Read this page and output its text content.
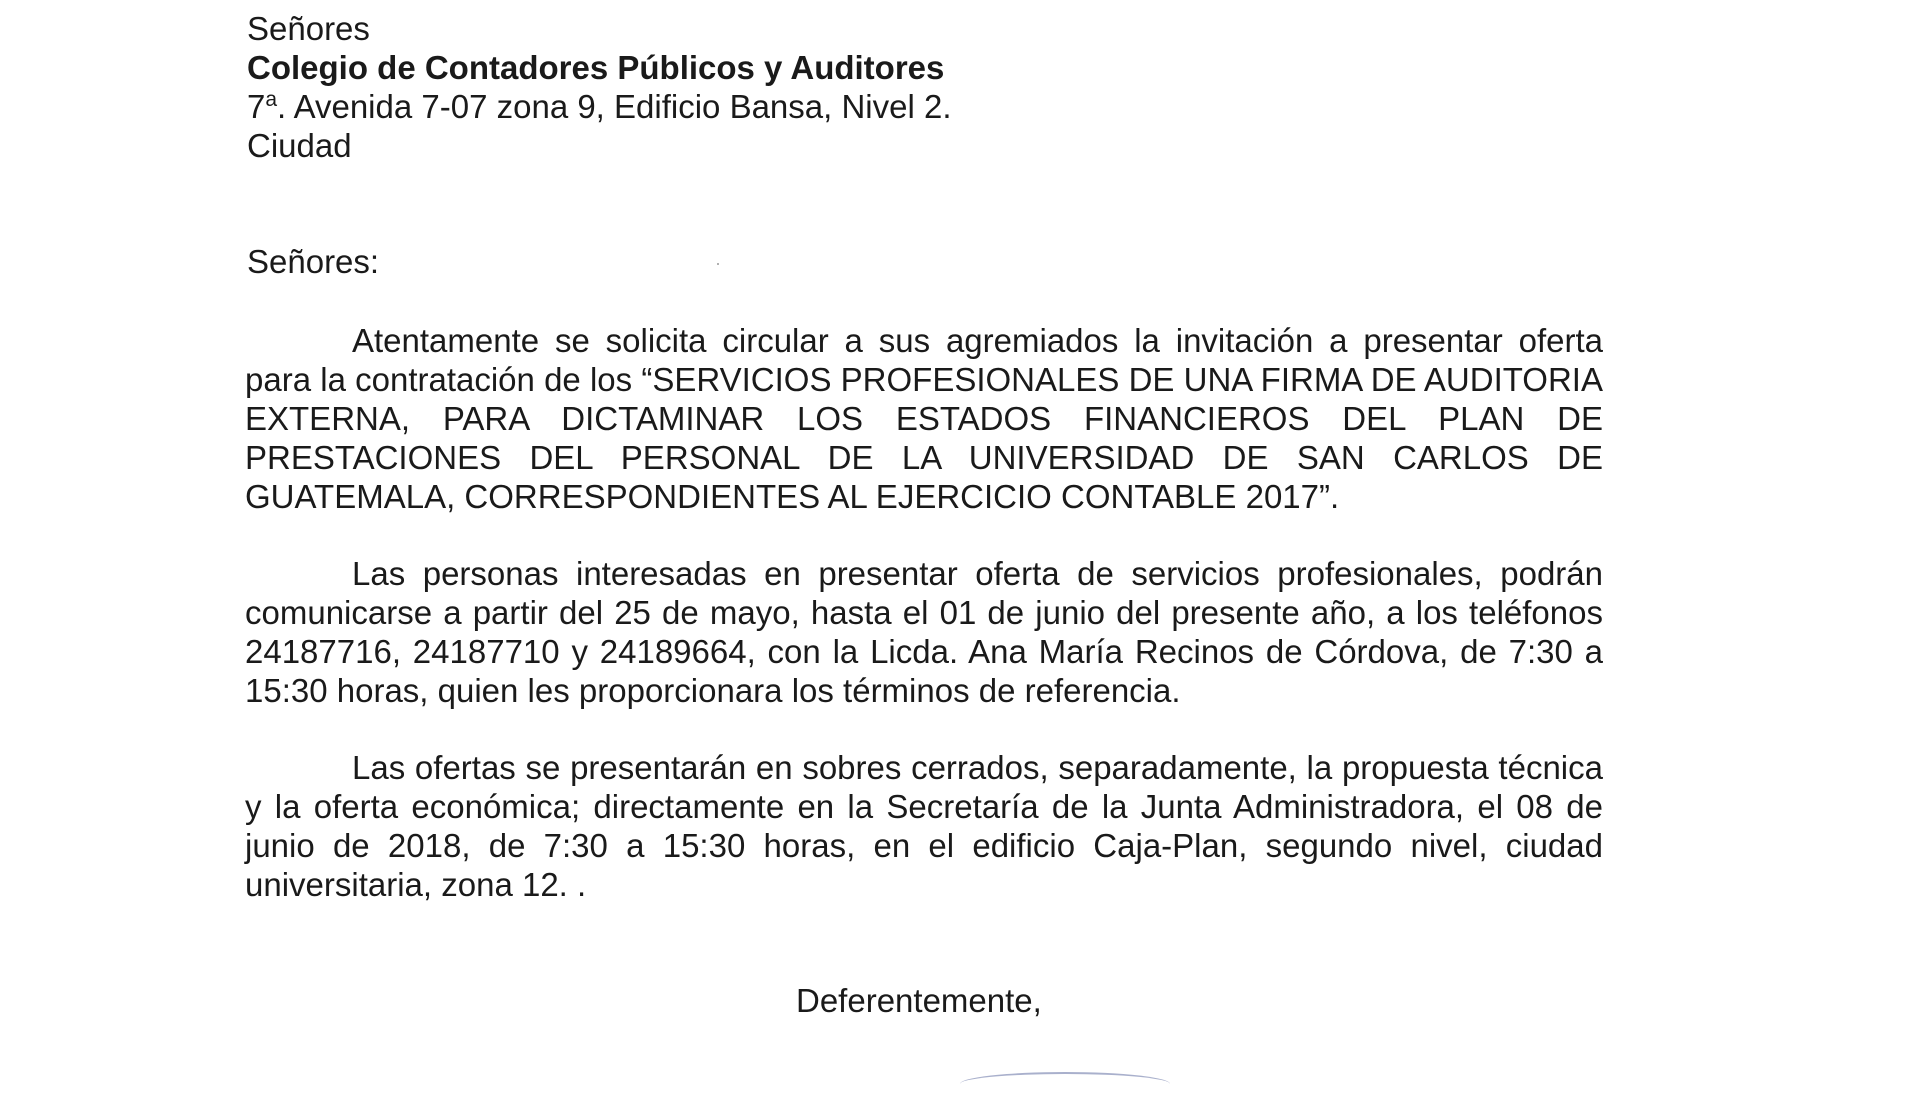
Señores
Colegio de Contadores Públicos y Auditores
7$^a$. Avenida 7-07 zona 9, Edificio Bansa, Nivel 2.
Ciudad
Señores:

Atentamente se solicita circular a sus agremiados la invitación a presentar oferta para la contratación de los “SERVICIOS PROFESIONALES DE UNA FIRMA DE AUDITORIA EXTERNA, PARA DICTAMINAR LOS ESTADOS FINANCIEROS DEL PLAN DE PRESTACIONES DEL PERSONAL DE LA UNIVERSIDAD DE SAN CARLOS DE GUATEMALA, CORRESPONDIENTES AL EJERCICIO CONTABLE 2017”.

Las personas interesadas en presentar oferta de servicios profesionales, podrán comunicarse a partir del 25 de mayo, hasta el 01 de junio del presente año, a los teléfonos 24187716, 24187710 y 24189664, con la Licda. Ana María Recinos de Córdova, de 7:30 a 15:30 horas, quien les proporcionara los términos de referencia.

Las ofertas se presentarán en sobres cerrados, separadamente, la propuesta técnica y la oferta económica; directamente en la Secretaría de la Junta Administradora, el 08 de junio de 2018, de 7:30 a 15:30 horas, en el edificio Caja-Plan, segundo nivel, ciudad universitaria, zona 12. .

Deferentemente,
